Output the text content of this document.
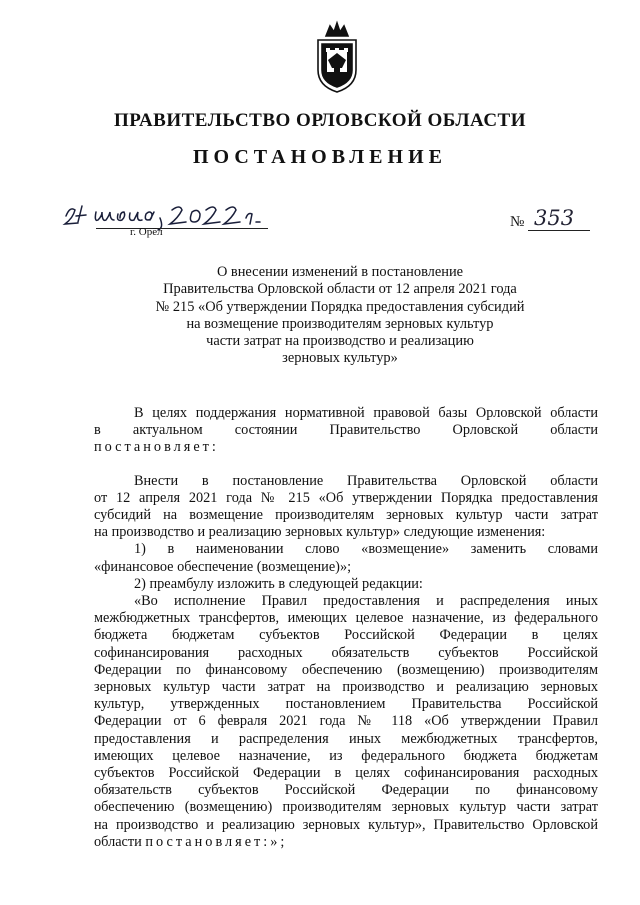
ПРАВИТЕЛЬСТВО ОРЛОВСКОЙ ОБЛАСТИ
ПОСТАНОВЛЕНИЕ
г. Орёл
№ 353
О внесении изменений в постановление
Правительства Орловской области от 12 апреля 2021 года
№ 215 «Об утверждении Порядка предоставления субсидий
на возмещение производителям зерновых культур
части затрат на производство и реализацию
зерновых культур»

В целях поддержания нормативной правовой базы Орловской области

в актуальном состоянии Правительство Орловской области

постановляет:

Внести в постановление Правительства Орловской области

от 12 апреля 2021 года № 215 «Об утверждении Порядка предоставления

субсидий на возмещение производителям зерновых культур части затрат

на производство и реализацию зерновых культур» следующие изменения:

1) в наименовании слово «возмещение» заменить словами

«финансовое обеспечение (возмещение)»;

2) преамбулу изложить в следующей редакции:

«Во исполнение Правил предоставления и распределения иных

межбюджетных трансфертов, имеющих целевое назначение, из федерального

бюджета бюджетам субъектов Российской Федерации в целях

софинансирования расходных обязательств субъектов Российской

Федерации по финансовому обеспечению (возмещению) производителям

зерновых культур части затрат на производство и реализацию зерновых

культур, утвержденных постановлением Правительства Российской

Федерации от 6 февраля 2021 года № 118 «Об утверждении Правил

предоставления и распределения иных межбюджетных трансфертов,

имеющих целевое назначение, из федерального бюджета бюджетам

субъектов Российской Федерации в целях софинансирования расходных

обязательств субъектов Российской Федерации по финансовому

обеспечению (возмещению) производителям зерновых культур части затрат

на производство и реализацию зерновых культур», Правительство Орловской

области постановляет:»;
